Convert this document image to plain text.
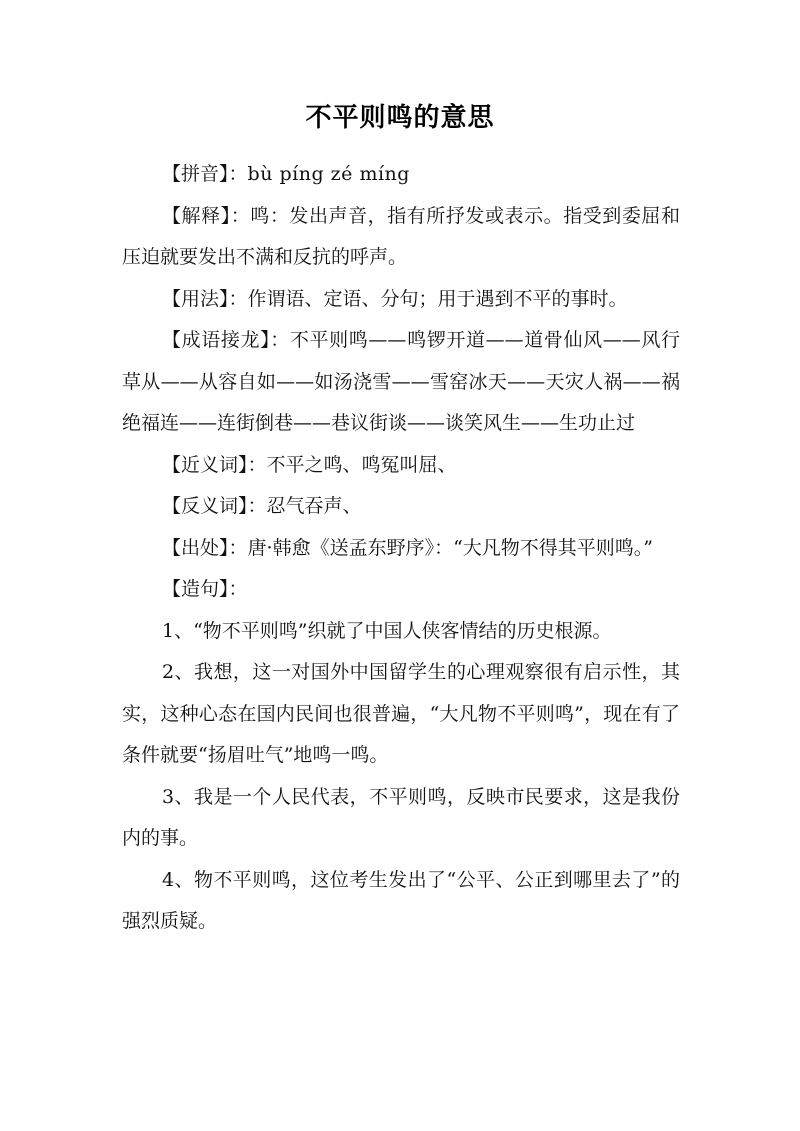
不平则鸣的意思

【拼音】：bù píng zé míng

【解释】：鸣：发出声音，指有所抒发或表示。指受到委屈和压迫就要发出不满和反抗的呼声。

【用法】：作谓语、定语、分句；用于遇到不平的事时。

【成语接龙】：不平则鸣——鸣锣开道——道骨仙风——风行草从——从容自如——如汤浇雪——雪窑冰天——天灾人祸——祸绝福连——连街倒巷——巷议街谈——谈笑风生——生功止过

【近义词】：不平之鸣、鸣冤叫屈、

【反义词】：忍气吞声、

【出处】：唐·韩愈《送孟东野序》：“大凡物不得其平则鸣。”

【造句】：

1、“物不平则鸣”织就了中国人侠客情结的历史根源。

2、我想，这一对国外中国留学生的心理观察很有启示性，其实，这种心态在国内民间也很普遍，“大凡物不平则鸣”，现在有了条件就要“扬眉吐气”地鸣一鸣。

3、我是一个人民代表，不平则鸣，反映市民要求，这是我份内的事。

4、物不平则鸣，这位考生发出了“公平、公正到哪里去了”的强烈质疑。
